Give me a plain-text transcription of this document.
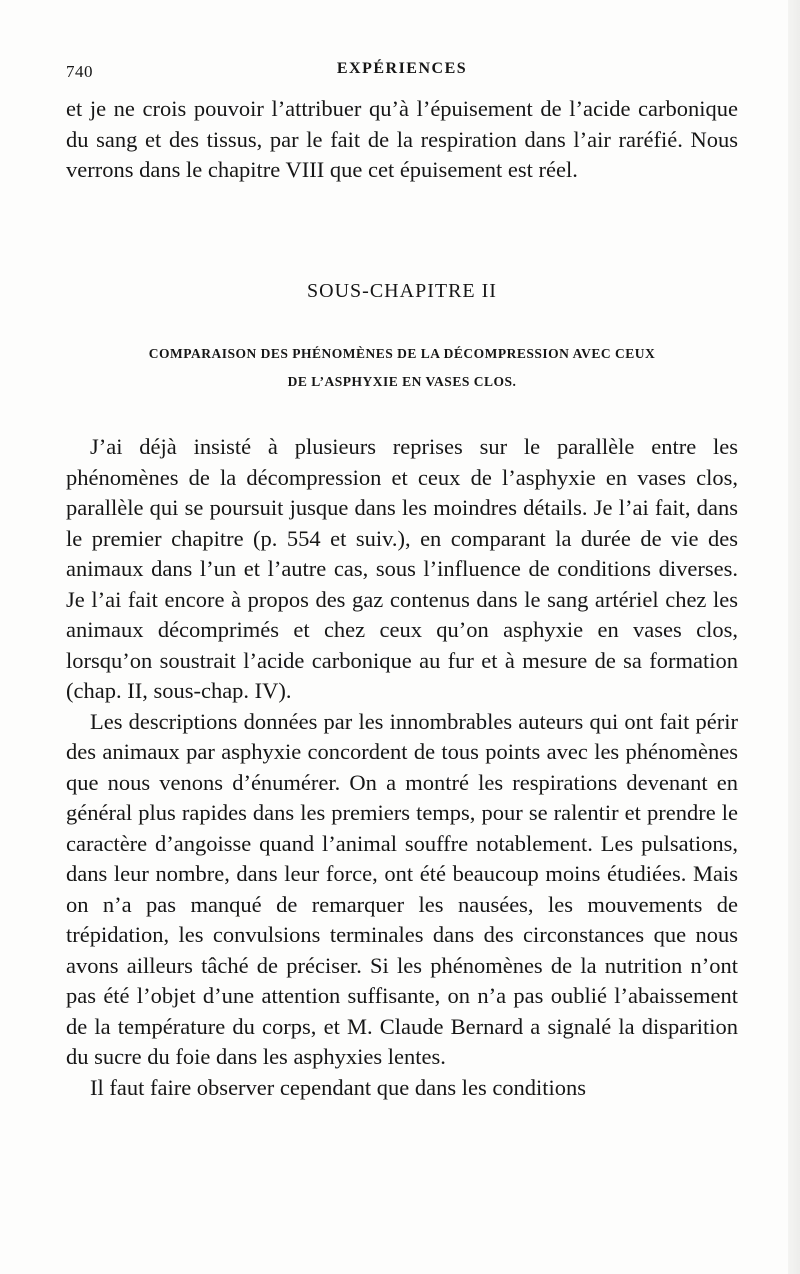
740	EXPÉRIENCES

et je ne crois pouvoir l’attribuer qu’à l’épuisement de l’acide carbonique du sang et des tissus, par le fait de la respiration dans l’air raréfié. Nous verrons dans le chapitre VIII que cet épuisement est réel.

SOUS-CHAPITRE II
COMPARAISON DES PHÉNOMÈNES DE LA DÉCOMPRESSION AVEC CEUX
DE L’ASPHYXIE EN VASES CLOS.

J’ai déjà insisté à plusieurs reprises sur le parallèle entre les phénomènes de la décompression et ceux de l’asphyxie en vases clos, parallèle qui se poursuit jusque dans les moindres détails. Je l’ai fait, dans le premier chapitre (p. 554 et suiv.), en comparant la durée de vie des animaux dans l’un et l’autre cas, sous l’influence de conditions diverses. Je l’ai fait encore à propos des gaz contenus dans le sang artériel chez les animaux décomprimés et chez ceux qu’on asphyxie en vases clos, lorsqu’on soustrait l’acide carbonique au fur et à mesure de sa formation (chap. II, sous-chap. IV).

Les descriptions données par les innombrables auteurs qui ont fait périr des animaux par asphyxie concordent de tous points avec les phénomènes que nous venons d’énumérer. On a montré les respirations devenant en général plus rapides dans les premiers temps, pour se ralentir et prendre le caractère d’angoisse quand l’animal souffre notablement. Les pulsations, dans leur nombre, dans leur force, ont été beaucoup moins étudiées. Mais on n’a pas manqué de remarquer les nausées, les mouvements de trépidation, les convulsions terminales dans des circonstances que nous avons ailleurs tâché de préciser. Si les phénomènes de la nutrition n’ont pas été l’objet d’une attention suffisante, on n’a pas oublié l’abaissement de la température du corps, et M. Claude Bernard a signalé la disparition du sucre du foie dans les asphyxies lentes.

Il faut faire observer cependant que dans les conditions
